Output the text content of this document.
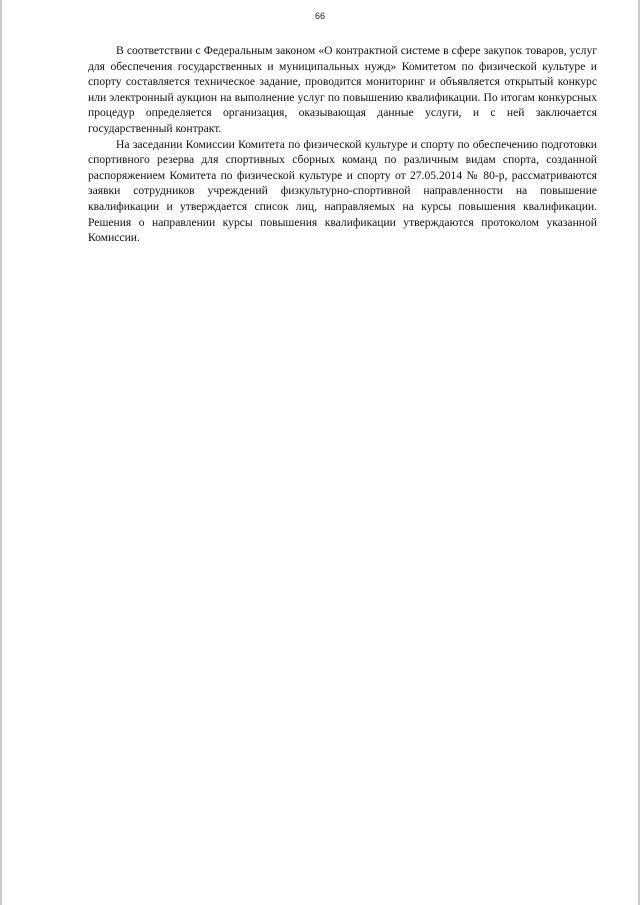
66

В соответствии с Федеральным законом «О контрактной системе в сфере закупок товаров, услуг для обеспечения государственных и муниципальных нужд» Комитетом по физической культуре и спорту составляется техническое задание, проводится мониторинг и объявляется открытый конкурс или электронный аукцион на выполнение услуг по повышению квалификации. По итогам конкурсных процедур определяется организация, оказывающая данные услуги, и с ней заключается государственный контракт.

На заседании Комиссии Комитета по физической культуре и спорту по обеспечению подготовки спортивного резерва для спортивных сборных команд по различным видам спорта, созданной распоряжением Комитета по физической культуре и спорту от 27.05.2014 № 80-р, рассматриваются заявки сотрудников учреждений физкультурно-спортивной направленности на повышение квалификации и утверждается список лиц, направляемых на курсы повышения квалификации. Решения о направлении курсы повышения квалификации утверждаются протоколом указанной Комиссии.
